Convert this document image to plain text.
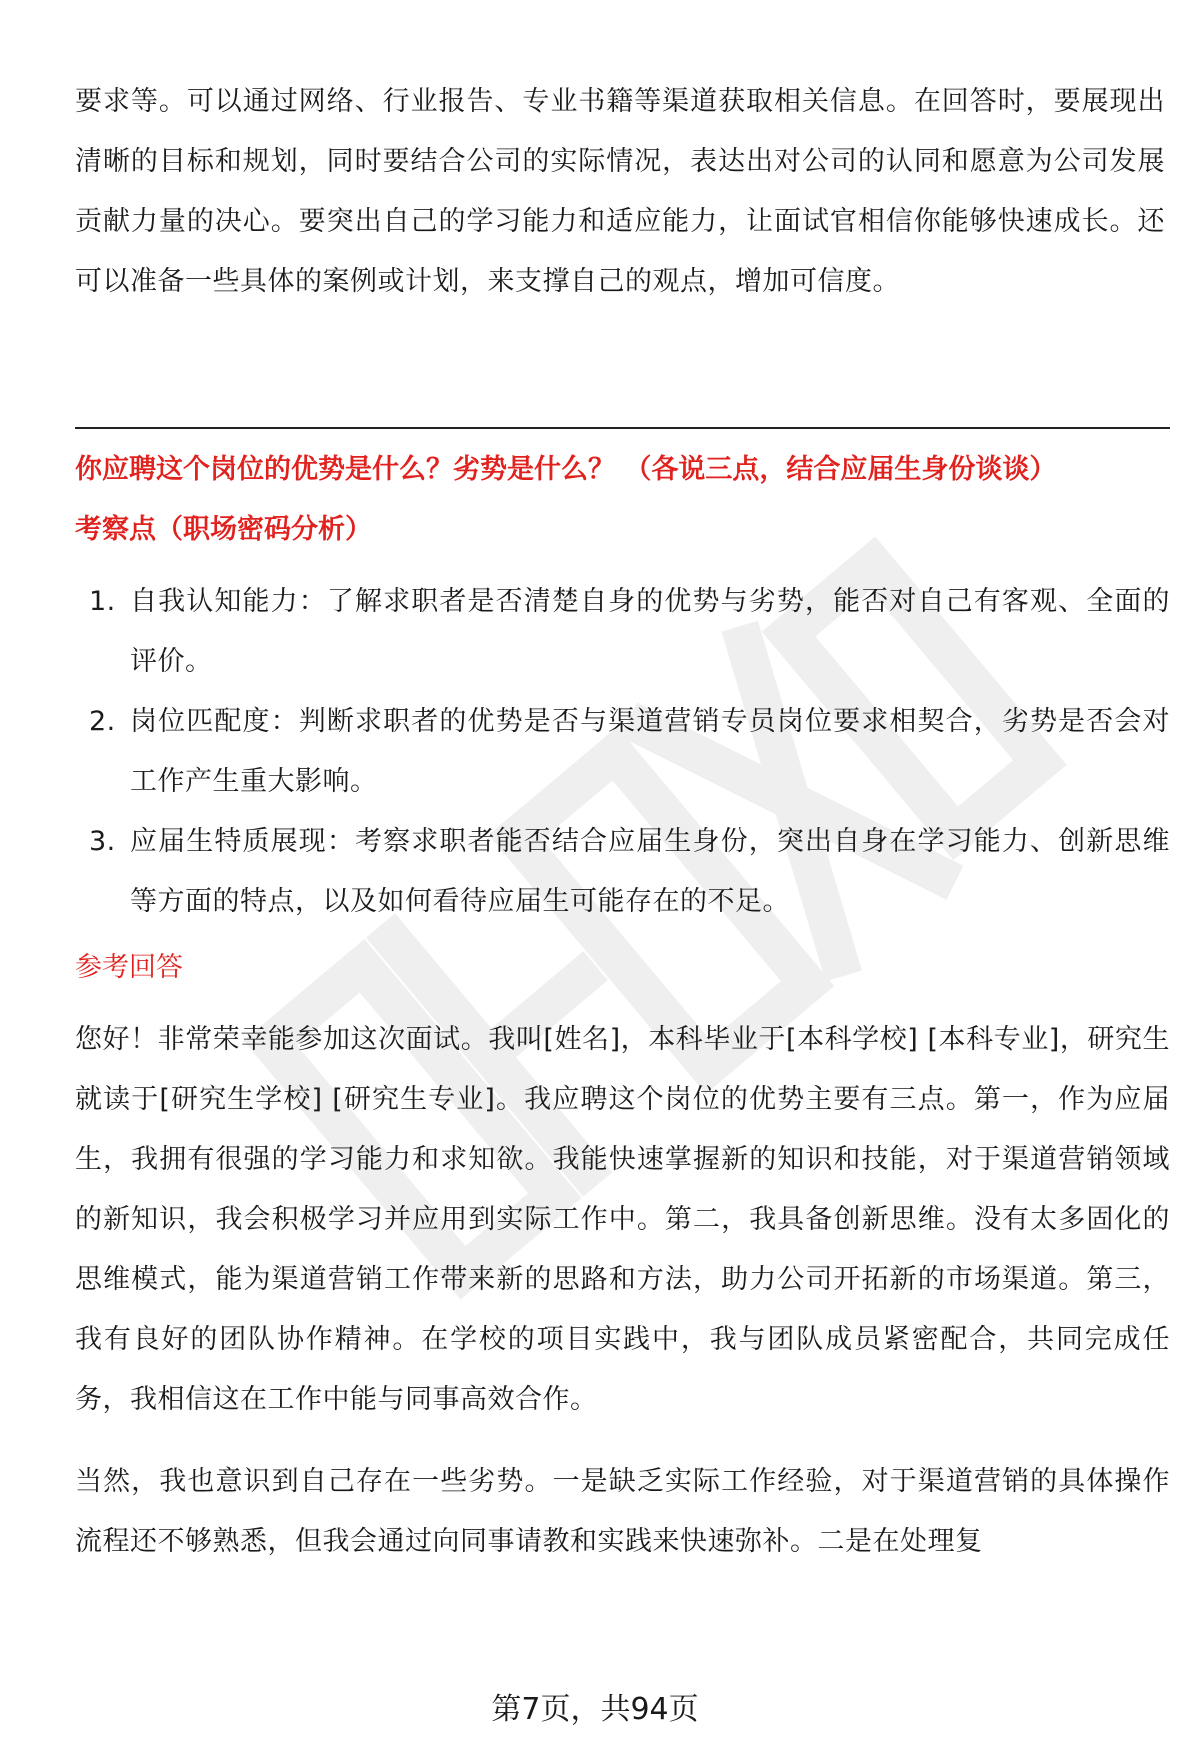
要求等。可以通过网络、行业报告、专业书籍等渠道获取相关信息。在回答时，要展现出清晰的目标和规划，同时要结合公司的实际情况，表达出对公司的认同和愿意为公司发展贡献力量的决心。要突出自己的学习能力和适应能力，让面试官相信你能够快速成长。还可以准备一些具体的案例或计划，来支撑自己的观点，增加可信度。

你应聘这个岗位的优势是什么？劣势是什么？ （各说三点，结合应届生身份谈谈）

考察点（职场密码分析）

1. 自我认知能力：了解求职者是否清楚自身的优势与劣势，能否对自己有客观、全面的评价。
2. 岗位匹配度：判断求职者的优势是否与渠道营销专员岗位要求相契合，劣势是否会对工作产生重大影响。
3. 应届生特质展现：考察求职者能否结合应届生身份，突出自身在学习能力、创新思维等方面的特点，以及如何看待应届生可能存在的不足。

参考回答

您好！非常荣幸能参加这次面试。我叫[姓名]，本科毕业于[本科学校] [本科专业]，研究生就读于[研究生学校] [研究生专业]。我应聘这个岗位的优势主要有三点。第一，作为应届生，我拥有很强的学习能力和求知欲。我能快速掌握新的知识和技能，对于渠道营销领域的新知识，我会积极学习并应用到实际工作中。第二，我具备创新思维。没有太多固化的思维模式，能为渠道营销工作带来新的思路和方法，助力公司开拓新的市场渠道。第三，我有良好的团队协作精神。在学校的项目实践中，我与团队成员紧密配合，共同完成任务，我相信这在工作中能与同事高效合作。

当然，我也意识到自己存在一些劣势。一是缺乏实际工作经验，对于渠道营销的具体操作流程还不够熟悉，但我会通过向同事请教和实践来快速弥补。二是在处理复

第7页，共94页
